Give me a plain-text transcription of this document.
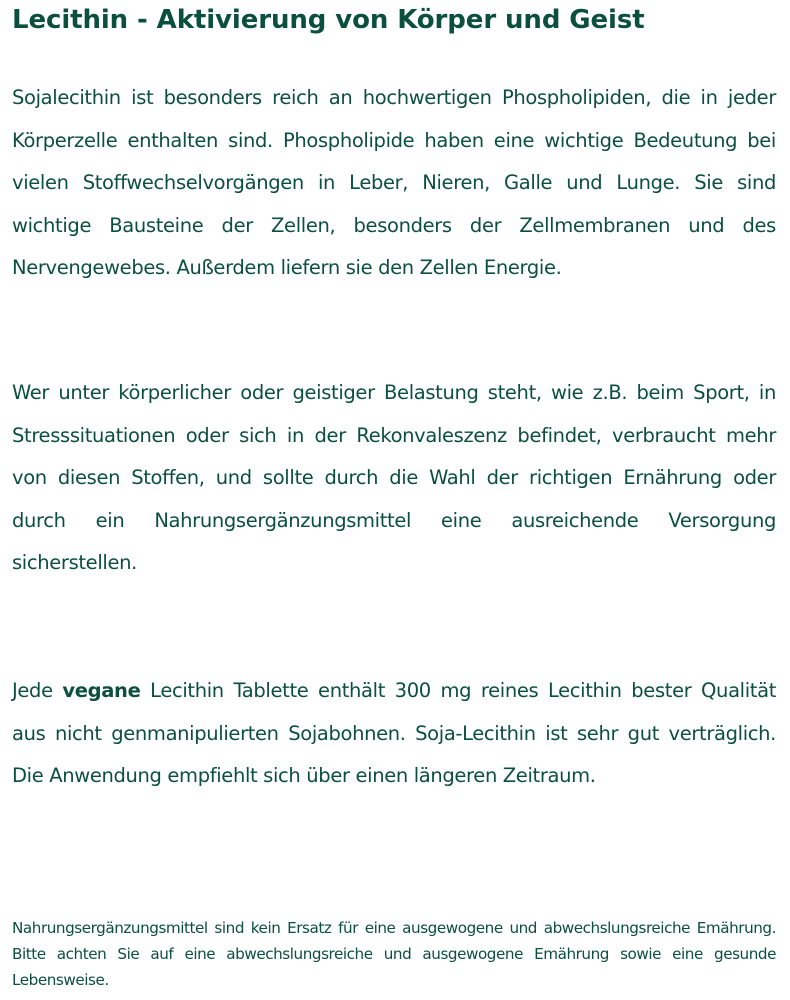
Lecithin - Aktivierung von Körper und Geist

Sojalecithin ist besonders reich an hochwertigen Phospholipiden, die in jeder Körperzelle enthalten sind. Phospholipide haben eine wichtige Bedeutung bei vielen Stoffwechselvorgängen in Leber, Nieren, Galle und Lunge. Sie sind wichtige Bausteine der Zellen, besonders der Zellmembranen und des Nervengewebes. Außerdem liefern sie den Zellen Energie.

Wer unter körperlicher oder geistiger Belastung steht, wie z.B. beim Sport, in Stresssituationen oder sich in der Rekonvaleszenz befindet, verbraucht mehr von diesen Stoffen, und sollte durch die Wahl der richtigen Ernährung oder durch ein Nahrungsergänzungsmittel eine ausreichende Versorgung sicherstellen.

Jede vegane Lecithin Tablette enthält 300 mg reines Lecithin bester Qualität aus nicht genmanipulierten Sojabohnen. Soja-Lecithin ist sehr gut verträglich. Die Anwendung empfiehlt sich über einen längeren Zeitraum.

Nahrungsergänzungsmittel sind kein Ersatz für eine ausgewogene und abwechslungsreiche Emährung. Bitte achten Sie auf eine abwechslungsreiche und ausgewogene Emährung sowie eine gesunde Lebensweise.
